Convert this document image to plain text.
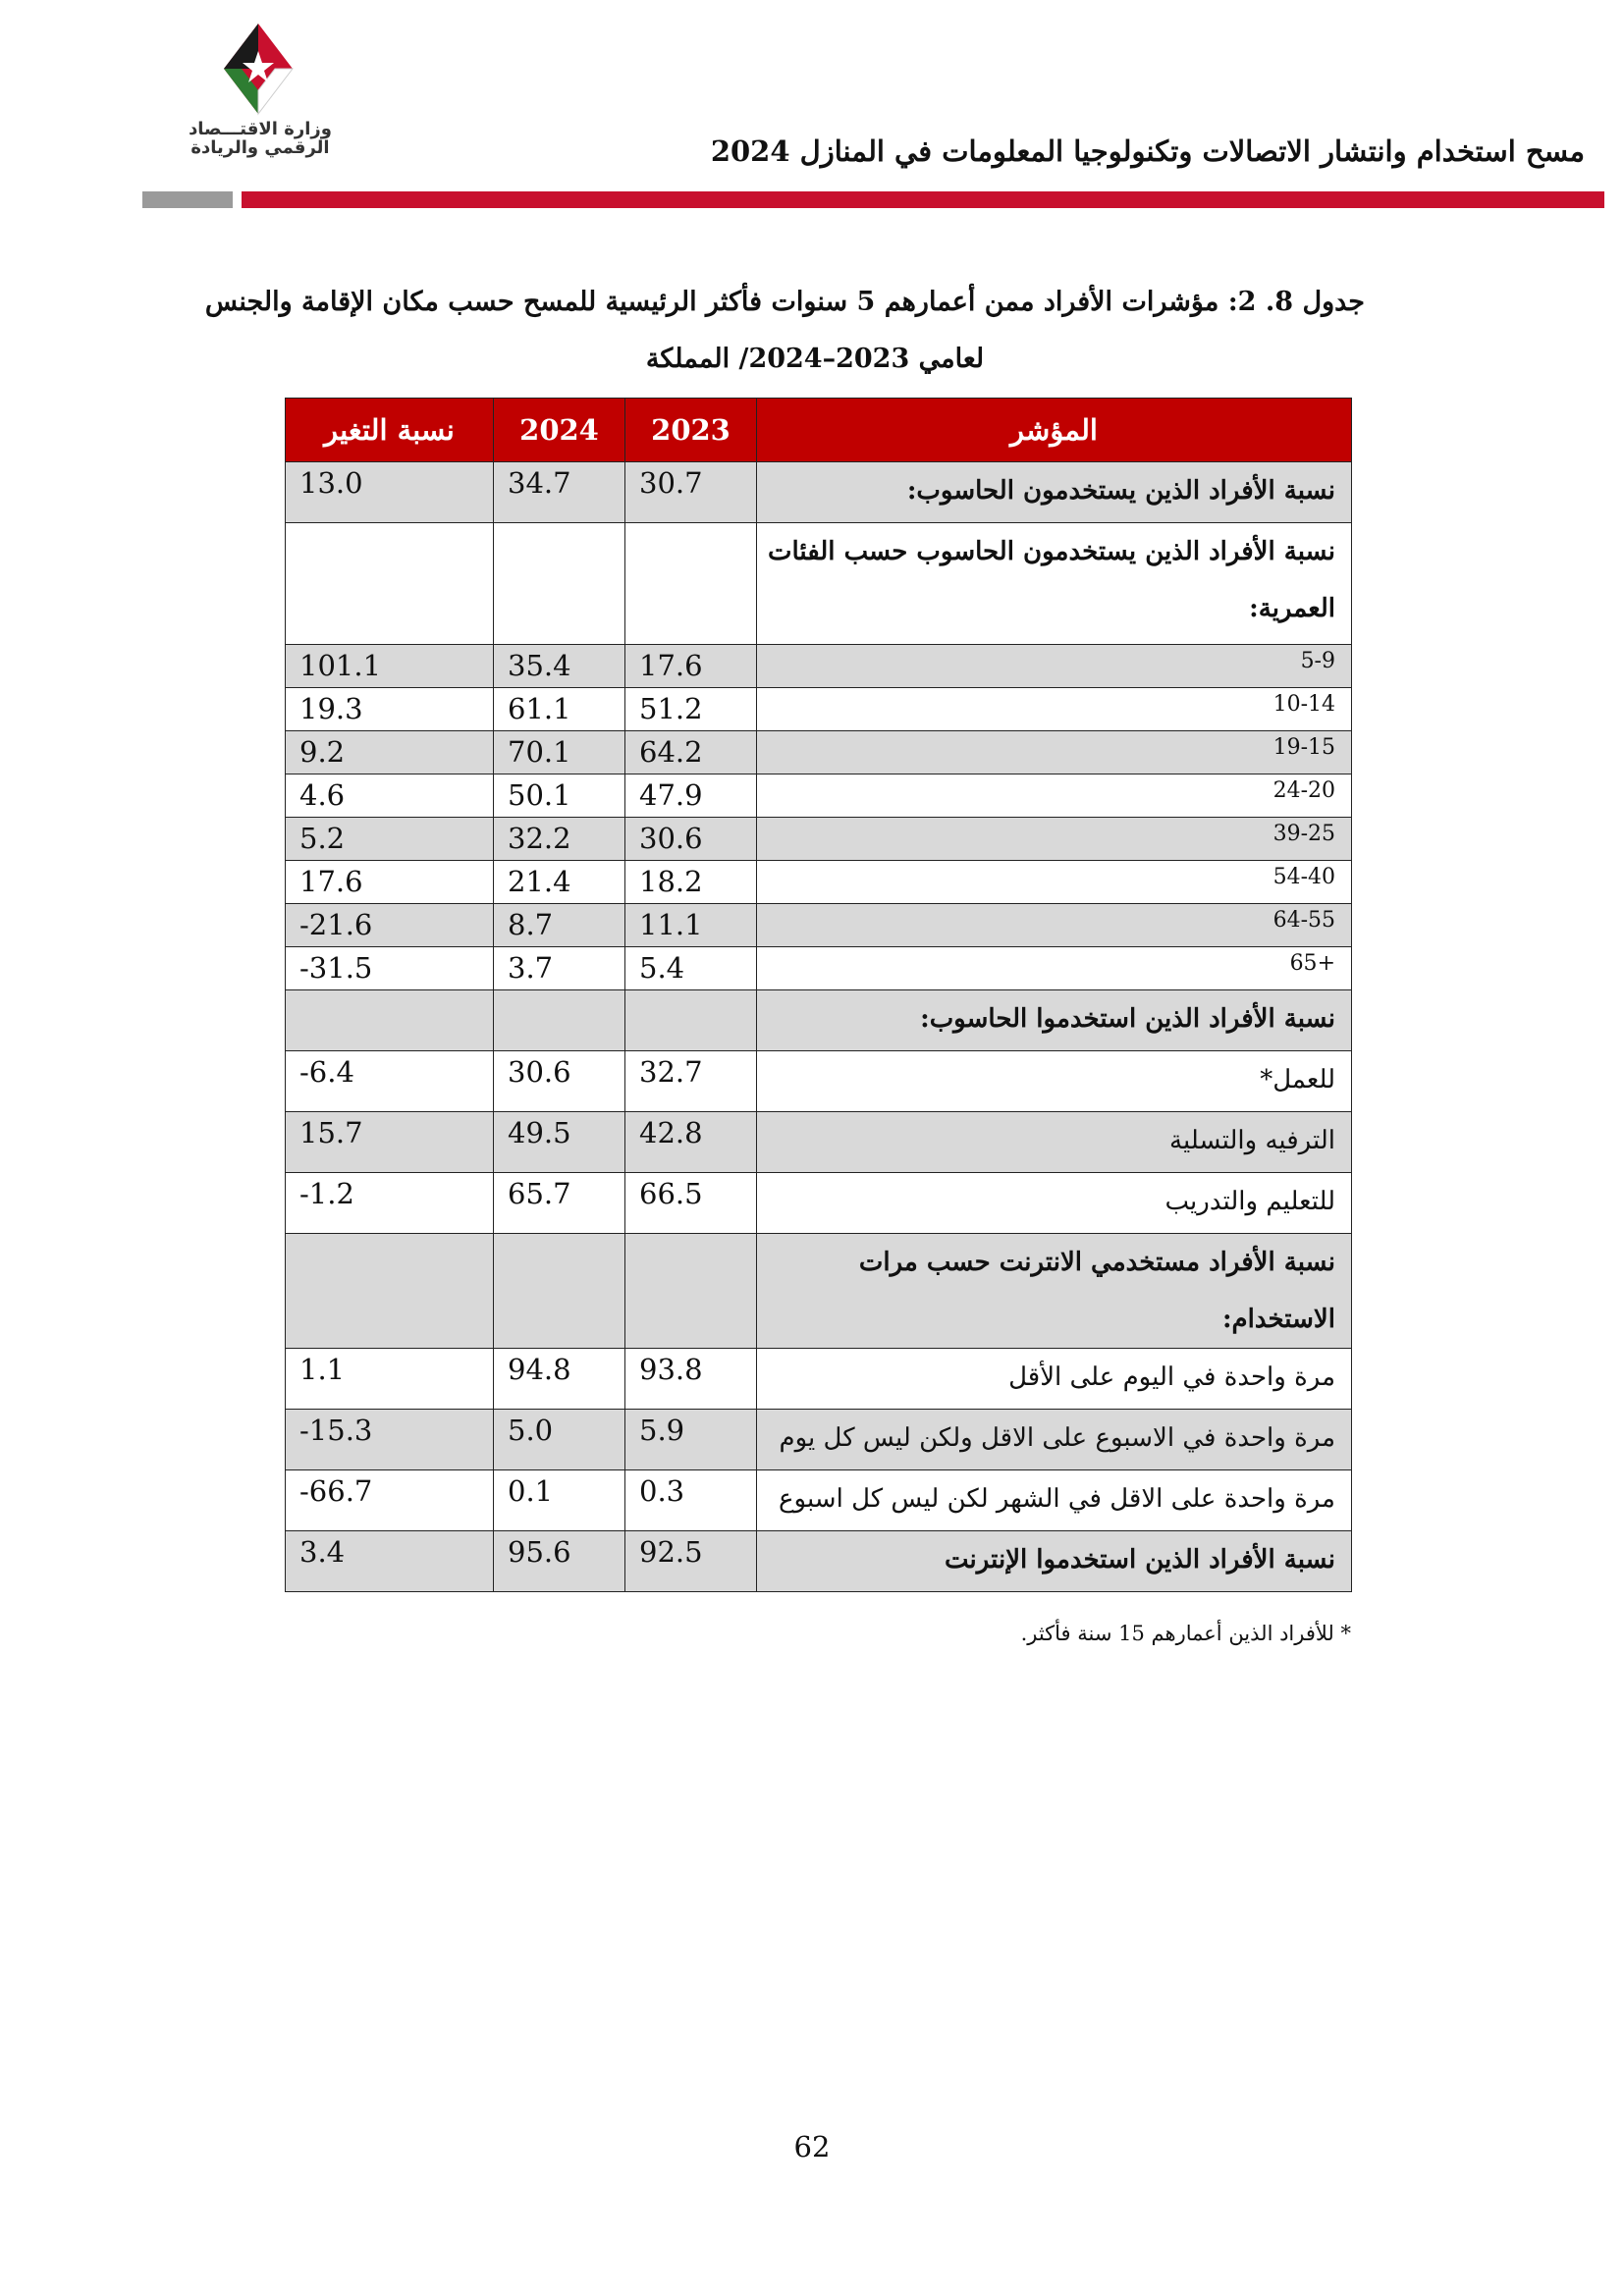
وزارة الاقتـــصاد
الرقمي والريادة	مسح استخدام وانتشار الاتصالات وتكنولوجيا المعلومات في المنازل 2024
جدول 8. 2: مؤشرات الأفراد ممن أعمارهم 5 سنوات فأكثر الرئيسية للمسح حسب مكان الإقامة والجنس
لعامي 2023–2024/ المملكة
المؤشر	2023	2024	نسبة التغير
نسبة الأفراد الذين يستخدمون الحاسوب:	30.7	34.7	13.0
نسبة الأفراد الذين يستخدمون الحاسوب حسب الفئات العمرية:			
5-9	17.6	35.4	101.1
10-14	51.2	61.1	19.3
19-15	64.2	70.1	9.2
24-20	47.9	50.1	4.6
39-25	30.6	32.2	5.2
54-40	18.2	21.4	17.6
64-55	11.1	8.7	-21.6
+65	5.4	3.7	-31.5
نسبة الأفراد الذين استخدموا الحاسوب:			
للعمل*	32.7	30.6	-6.4
الترفيه والتسلية	42.8	49.5	15.7
للتعليم والتدريب	66.5	65.7	-1.2
نسبة الأفراد مستخدمي الانترنت حسب مرات الاستخدام:			
مرة واحدة في اليوم على الأقل	93.8	94.8	1.1
مرة واحدة في الاسبوع على الاقل ولكن ليس كل يوم	5.9	5.0	-15.3
مرة واحدة على الاقل في الشهر لكن ليس كل اسبوع	0.3	0.1	-66.7
نسبة الأفراد الذين استخدموا الإنترنت	92.5	95.6	3.4
* للأفراد الذين أعمارهم 15 سنة فأكثر.
62
